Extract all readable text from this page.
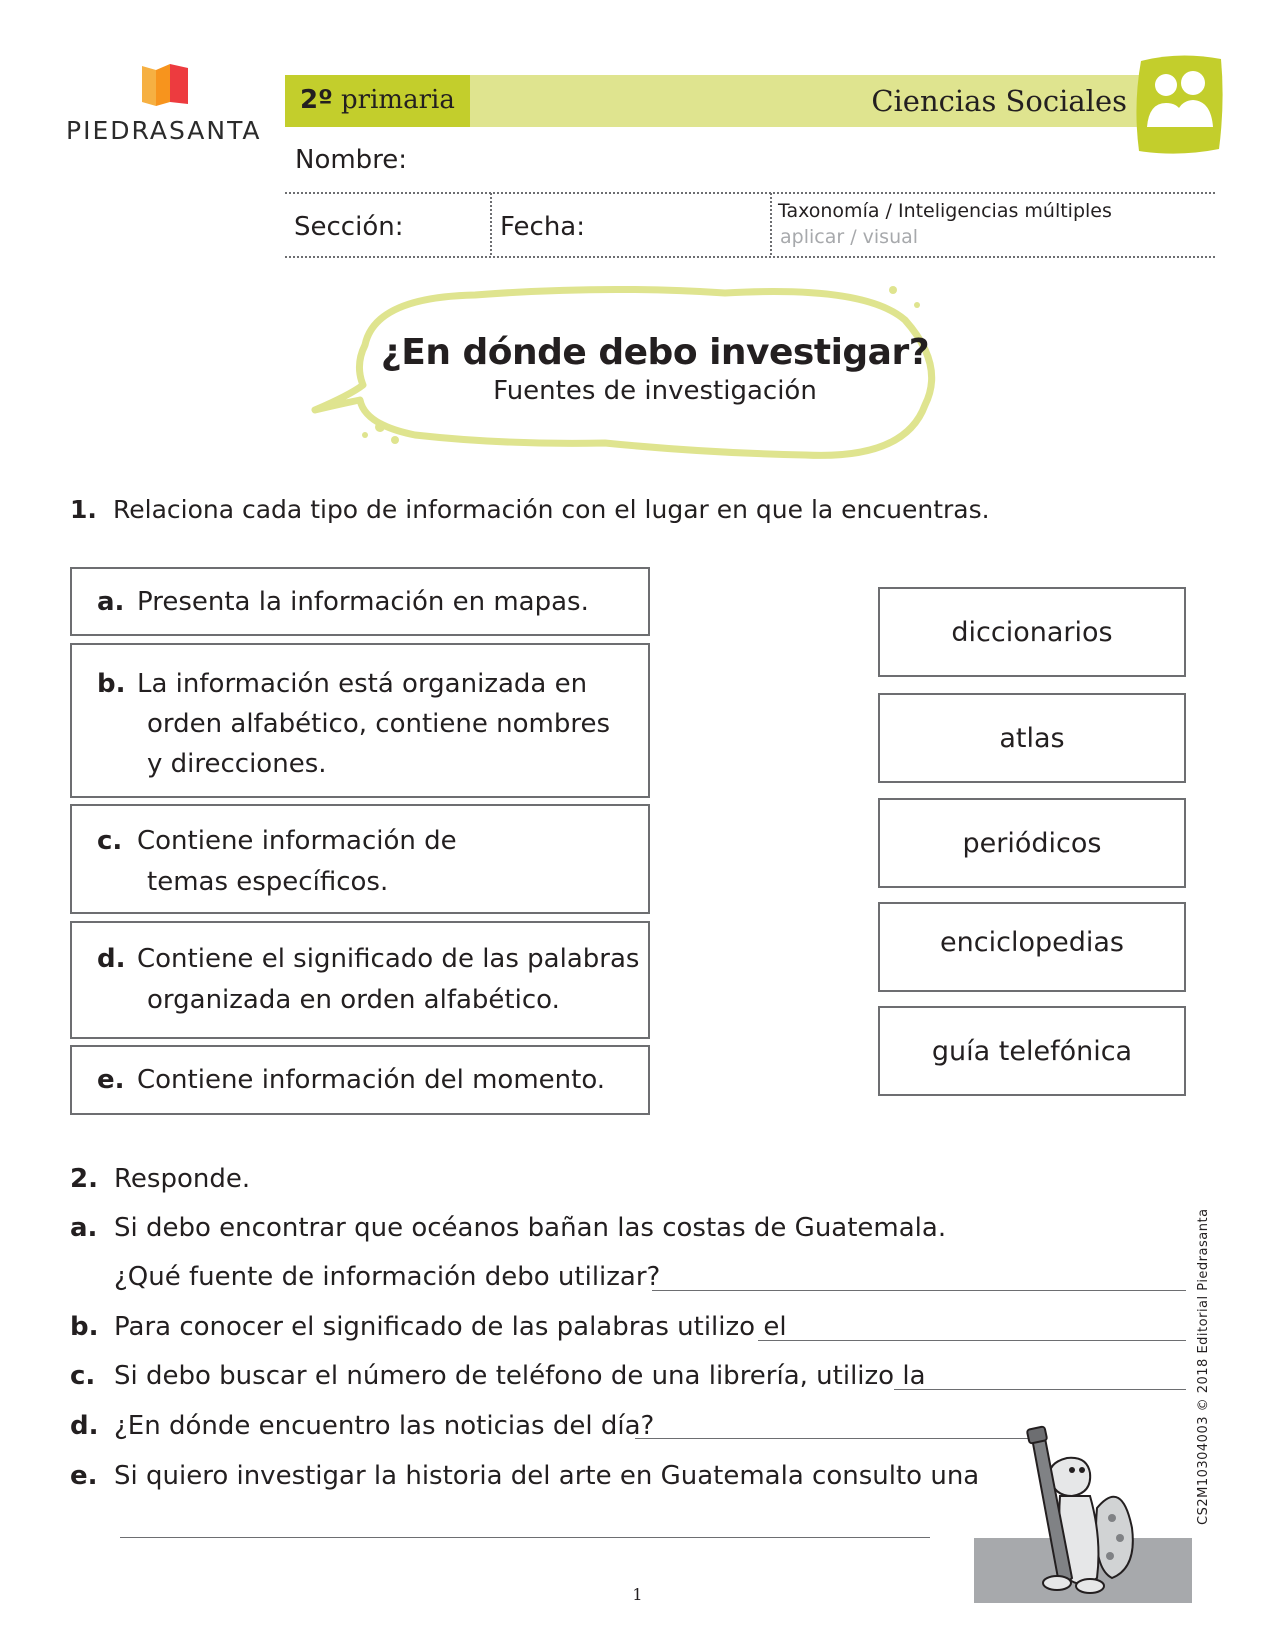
PIEDRASANTA
2º primaria	Ciencias Sociales
Nombre:
Sección:	Fecha:
Taxonomía / Inteligencias múltiples
aplicar / visual
¿En dónde debo investigar?
Fuentes de investigación
1. Relaciona cada tipo de información con el lugar en que la encuentras.
a. Presenta la información en mapas.
b. La información está organizada en
orden alfabético, contiene nombres
y direcciones.
c. Contiene información de
temas específicos.
d. Contiene el significado de las palabras
organizada en orden alfabético.
e. Contiene información del momento.
diccionarios
atlas
periódicos
enciclopedias
guía telefónica
2. Responde.
a. Si debo encontrar que océanos bañan las costas de Guatemala.
¿Qué fuente de información debo utilizar?
b. Para conocer el significado de las palabras utilizo el
c. Si debo buscar el número de teléfono de una librería, utilizo la
d. ¿En dónde encuentro las noticias del día?
e. Si quiero investigar la historia del arte en Guatemala consulto una	CS2M10304003 © 2018 Editorial Piedrasanta
1
